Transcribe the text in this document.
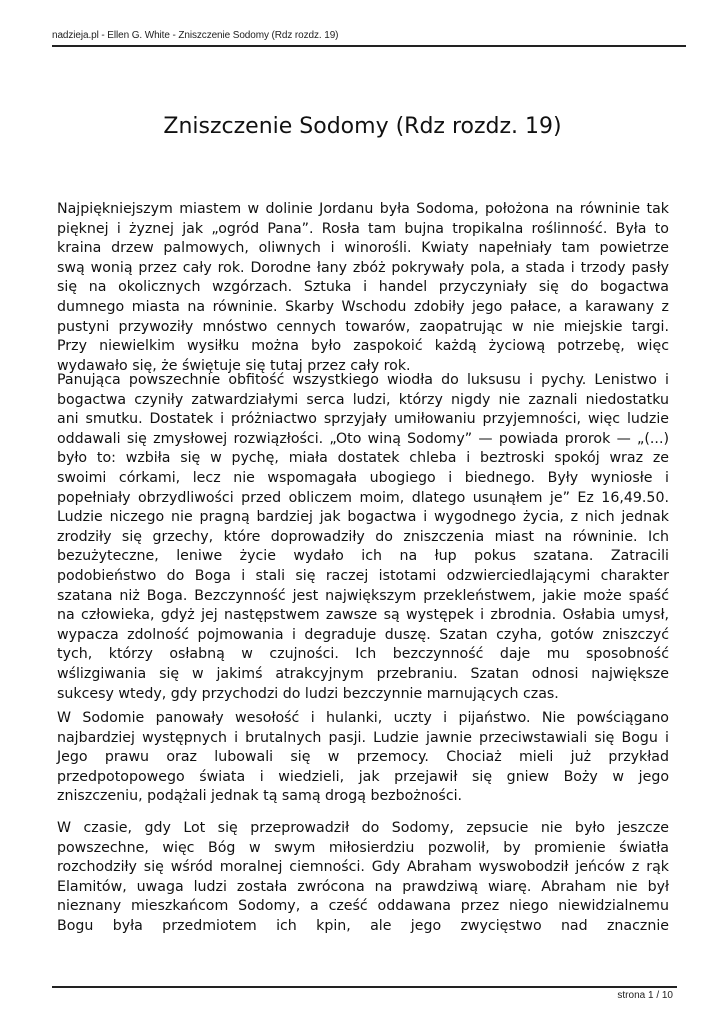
nadzieja.pl - Ellen G. White - Zniszczenie Sodomy (Rdz rozdz. 19)
Zniszczenie Sodomy (Rdz rozdz. 19)
Najpiękniejszym miastem w dolinie Jordanu była Sodoma, położona na równinie tak
pięknej i żyznej jak „ogród Pana”. Rosła tam bujna tropikalna roślinność. Była to
kraina drzew palmowych, oliwnych i winorośli. Kwiaty napełniały tam powietrze
swą wonią przez cały rok. Dorodne łany zbóż pokrywały pola, a stada i trzody pasły
się na okolicznych wzgórzach. Sztuka i handel przyczyniały się do bogactwa
dumnego miasta na równinie. Skarby Wschodu zdobiły jego pałace, a karawany z
pustyni przywoziły mnóstwo cennych towarów, zaopatrując w nie miejskie targi.
Przy niewielkim wysiłku można było zaspokoić każdą życiową potrzebę, więc
wydawało się, że świętuje się tutaj przez cały rok.
Panująca powszechnie obfitość wszystkiego wiodła do luksusu i pychy. Lenistwo i
bogactwa czyniły zatwardziałymi serca ludzi, którzy nigdy nie zaznali niedostatku
ani smutku. Dostatek i próżniactwo sprzyjały umiłowaniu przyjemności, więc ludzie
oddawali się zmysłowej rozwiązłości. „Oto winą Sodomy” — powiada prorok — „(...)
było to: wzbiła się w pychę, miała dostatek chleba i beztroski spokój wraz ze
swoimi córkami, lecz nie wspomagała ubogiego i biednego. Były wyniosłe i
popełniały obrzydliwości przed obliczem moim, dlatego usunąłem je” Ez 16,49.50.
Ludzie niczego nie pragną bardziej jak bogactwa i wygodnego życia, z nich jednak
zrodziły się grzechy, które doprowadziły do zniszczenia miast na równinie. Ich
bezużyteczne, leniwe życie wydało ich na łup pokus szatana. Zatracili
podobieństwo do Boga i stali się raczej istotami odzwierciedlającymi charakter
szatana niż Boga. Bezczynność jest największym przekleństwem, jakie może spaść
na człowieka, gdyż jej następstwem zawsze są występek i zbrodnia. Osłabia umysł,
wypacza zdolność pojmowania i degraduje duszę. Szatan czyha, gotów zniszczyć
tych, którzy osłabną w czujności. Ich bezczynność daje mu sposobność
wślizgiwania się w jakimś atrakcyjnym przebraniu. Szatan odnosi największe
sukcesy wtedy, gdy przychodzi do ludzi bezczynnie marnujących czas.
W Sodomie panowały wesołość i hulanki, uczty i pijaństwo. Nie powściągano
najbardziej występnych i brutalnych pasji. Ludzie jawnie przeciwstawiali się Bogu i
Jego prawu oraz lubowali się w przemocy. Chociaż mieli już przykład
przedpotopowego świata i wiedzieli, jak przejawił się gniew Boży w jego
zniszczeniu, podążali jednak tą samą drogą bezbożności.
W czasie, gdy Lot się przeprowadził do Sodomy, zepsucie nie było jeszcze
powszechne, więc Bóg w swym miłosierdziu pozwolił, by promienie światła
rozchodziły się wśród moralnej ciemności. Gdy Abraham wyswobodził jeńców z rąk
Elamitów, uwaga ludzi została zwrócona na prawdziwą wiarę. Abraham nie był
nieznany mieszkańcom Sodomy, a cześć oddawana przez niego niewidzialnemu
Bogu była przedmiotem ich kpin, ale jego zwycięstwo nad znacznie
strona 1 / 10
